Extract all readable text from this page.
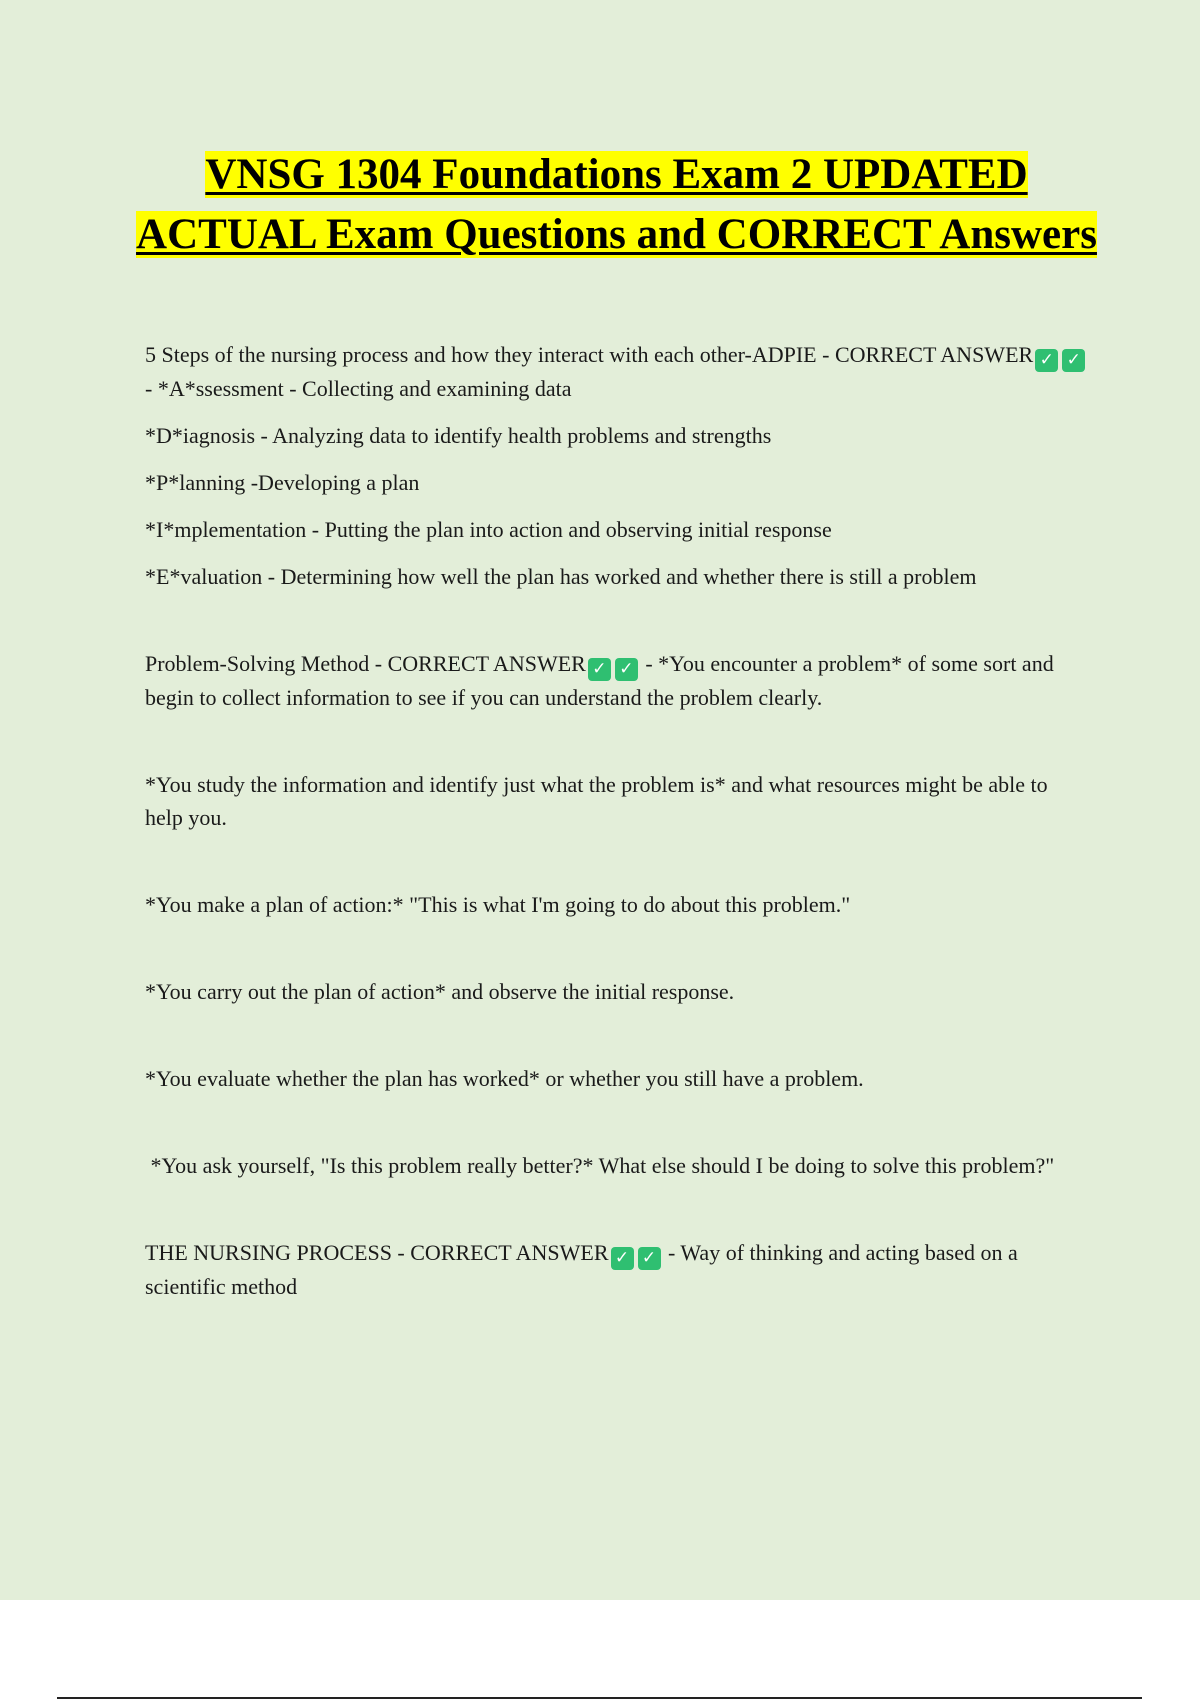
VNSG 1304 Foundations Exam 2 UPDATED ACTUAL Exam Questions and CORRECT Answers

5 Steps of the nursing process and how they interact with each other-ADPIE - CORRECT ANSWER ✓ ✓ - *A*ssessment - Collecting and examining data

*D*iagnosis - Analyzing data to identify health problems and strengths

*P*lanning -Developing a plan

*I*mplementation - Putting the plan into action and observing initial response

*E*valuation - Determining how well the plan has worked and whether there is still a problem

Problem-Solving Method - CORRECT ANSWER ✓ ✓ - *You encounter a problem* of some sort and begin to collect information to see if you can understand the problem clearly.

*You study the information and identify just what the problem is* and what resources might be able to help you.

*You make a plan of action:* "This is what I'm going to do about this problem."

*You carry out the plan of action* and observe the initial response.

*You evaluate whether the plan has worked* or whether you still have a problem.

*You ask yourself, "Is this problem really better?* What else should I be doing to solve this problem?"

THE NURSING PROCESS - CORRECT ANSWER ✓ ✓ - Way of thinking and acting based on a scientific method
